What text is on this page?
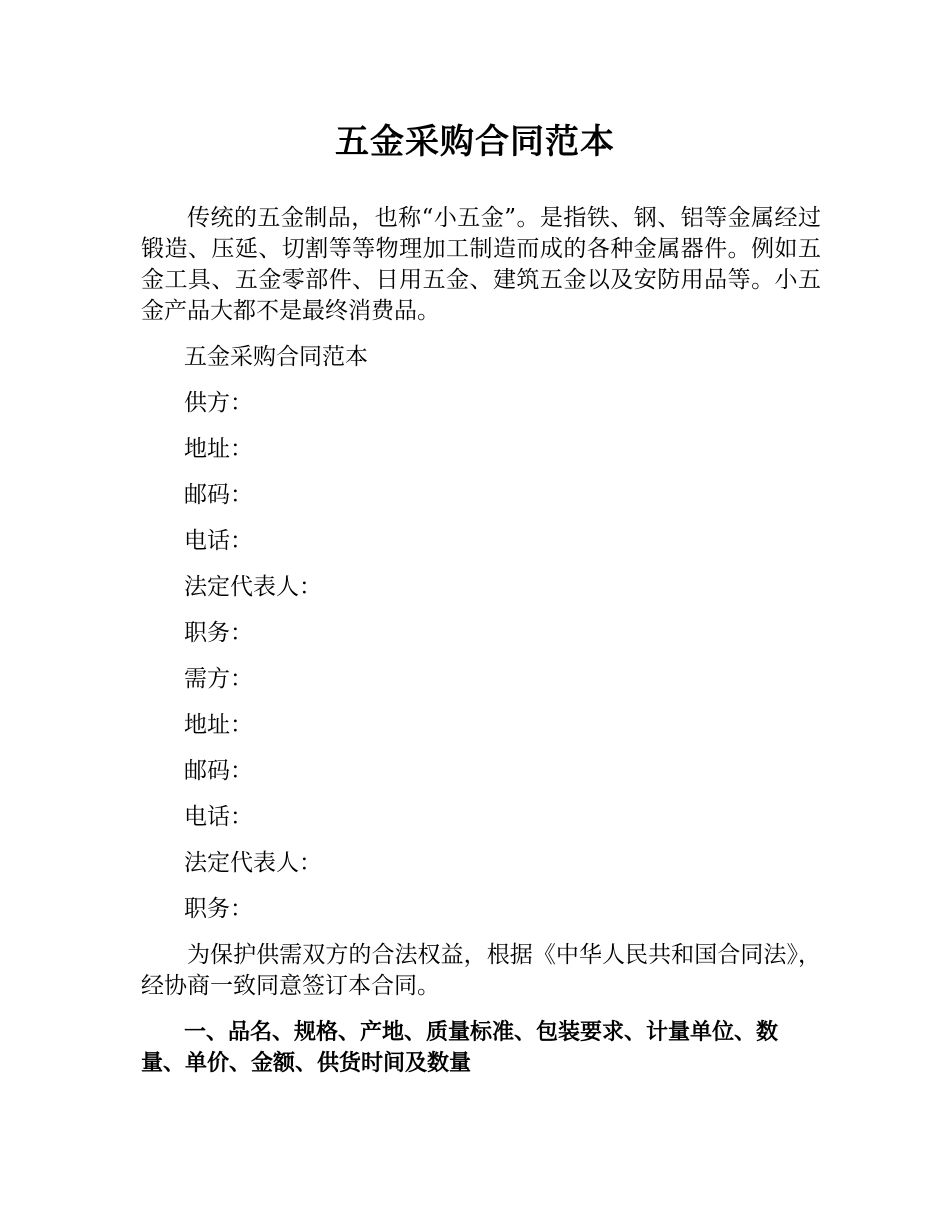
五金采购合同范本

传统的五金制品，也称“小五金”。是指铁、钢、铝等金属经过锻造、压延、切割等等物理加工制造而成的各种金属器件。例如五金工具、五金零部件、日用五金、建筑五金以及安防用品等。小五金产品大都不是最终消费品。

五金采购合同范本

供方：

地址：

邮码：

电话：

法定代表人：

职务：

需方：

地址：

邮码：

电话：

法定代表人：

职务：

为保护供需双方的合法权益，根据《中华人民共和国合同法》，经协商一致同意签订本合同。

一、品名、规格、产地、质量标准、包装要求、计量单位、数量、单价、金额、供货时间及数量
